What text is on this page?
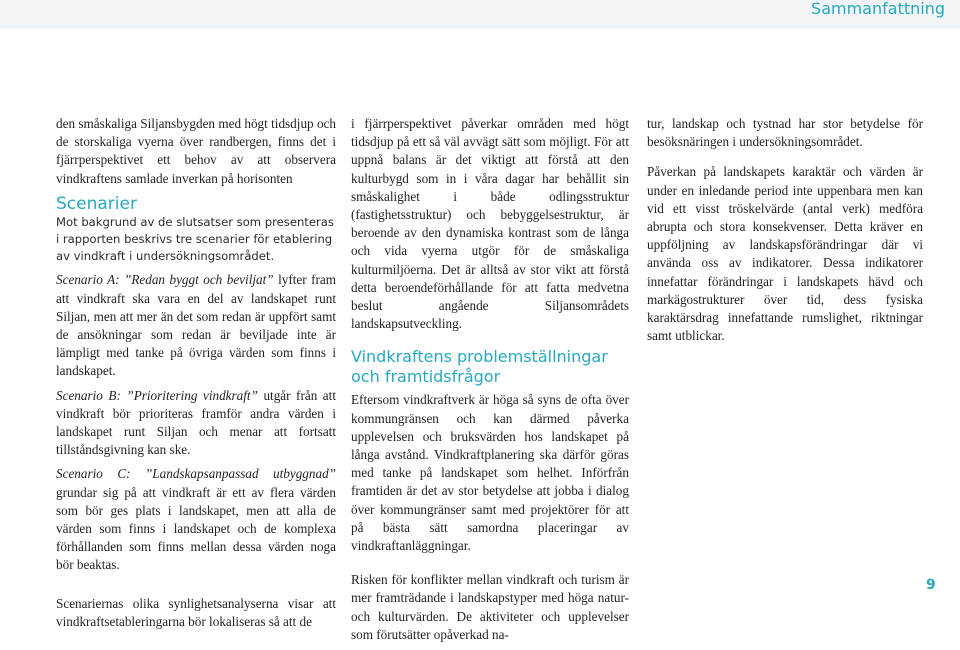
Sammanfattning

den småskaliga Siljansbygden med högt tidsdjup och de storskaliga vyerna över randbergen, finns det i fjärrperspektivet ett behov av att observera vindkraftens samlade inverkan på horisonten

Scenarier

Mot bakgrund av de slutsatser som presenteras i rapporten beskrivs tre scenarier för etablering av vindkraft i undersökningsområdet.

Scenario A: ”Redan byggt och beviljat” lyfter fram att vindkraft ska vara en del av landskapet runt Siljan, men att mer än det som redan är uppfört samt de ansökningar som redan är beviljade inte är lämpligt med tanke på övriga värden som finns i landskapet.

Scenario B: ”Prioritering vindkraft” utgår från att vindkraft bör prioriteras framför andra värden i landskapet runt Siljan och menar att fortsatt tillståndsgivning kan ske.

Scenario C: ”Landskapsanpassad utbyggnad” grundar sig på att vindkraft är ett av flera värden som bör ges plats i landskapet, men att alla de värden som finns i landskapet och de komplexa förhållanden som finns mellan dessa värden noga bör beaktas.

Scenariernas olika synlighetsanalyserna visar att vindkraftsetableringarna bör lokaliseras så att de

i fjärrperspektivet påverkar områden med högt tidsdjup på ett så väl avvägt sätt som möjligt. För att uppnå balans är det viktigt att förstå att den kulturbygd som in i våra dagar har behållit sin småskalighet i både odlingsstruktur (fastighetsstruktur) och bebyggelsestruktur, är beroende av den dynamiska kontrast som de långa och vida vyerna utgör för de småskaliga kulturmiljöerna. Det är alltså av stor vikt att förstå detta beroendeförhållande för att fatta medvetna beslut angående Siljansområdets landskapsutveckling.

Vindkraftens problemställningar
och framtidsfrågor

Eftersom vindkraftverk är höga så syns de ofta över kommungränsen och kan därmed påverka upplevelsen och bruksvärden hos landskapet på långa avstånd. Vindkraftplanering ska därför göras med tanke på landskapet som helhet. Införfrån framtiden är det av stor betydelse att jobba i dialog över kommungränser samt med projektörer för att på bästa sätt samordna placeringar av vindkraftanläggningar.

Risken för konflikter mellan vindkraft och turism är mer framträdande i landskapstyper med höga natur- och kulturvärden. De aktiviteter och upplevelser som förutsätter opåverkad na-

tur, landskap och tystnad har stor betydelse för besöksnäringen i undersökningsområdet.

Påverkan på landskapets karaktär och värden är under en inledande period inte uppenbara men kan vid ett visst tröskelvärde (antal verk) medföra abrupta och stora konsekvenser. Detta kräver en uppföljning av landskapsförändringar där vi använda oss av indikatorer. Dessa indikatorer innefattar förändringar i landskapets hävd och markägostrukturer över tid, dess fysiska karaktärsdrag innefattande rumslighet, riktningar samt utblickar.

9
